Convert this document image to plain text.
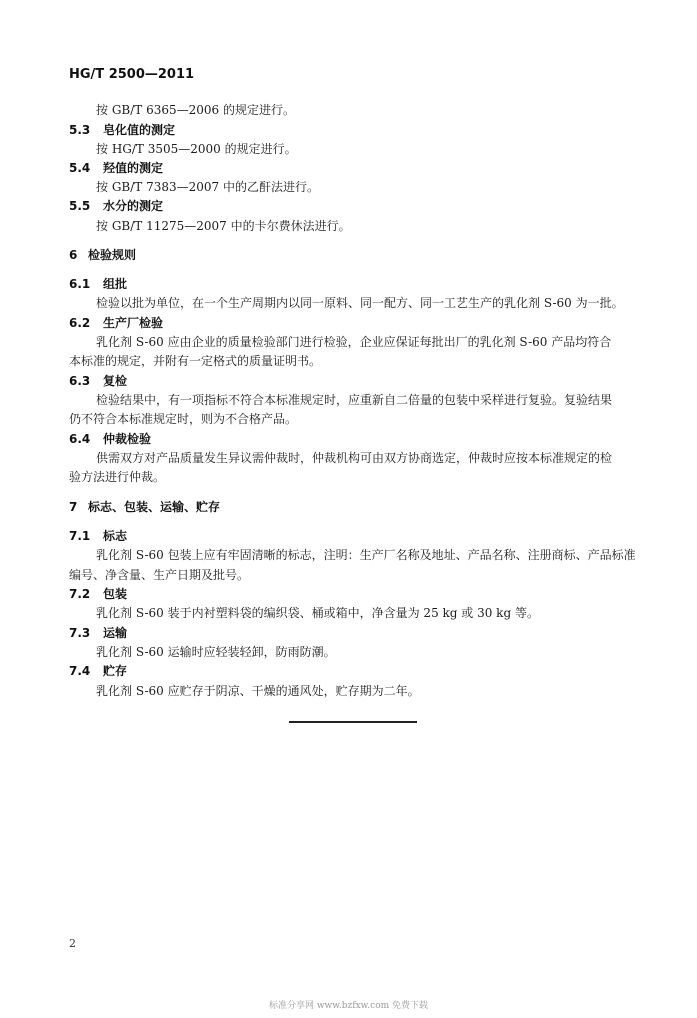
HG/T 2500—2011
按 GB/T 6365—2006 的规定进行。
5.3 皂化值的测定
按 HG/T 3505—2000 的规定进行。
5.4 羟值的测定
按 GB/T 7383—2007 中的乙酐法进行。
5.5 水分的测定
按 GB/T 11275—2007 中的卡尔费休法进行。
6 检验规则
6.1 组批
检验以批为单位，在一个生产周期内以同一原料、同一配方、同一工艺生产的乳化剂 S-60 为一批。
6.2 生产厂检验
乳化剂 S-60 应由企业的质量检验部门进行检验，企业应保证每批出厂的乳化剂 S-60 产品均符合
本标准的规定，并附有一定格式的质量证明书。
6.3 复检
检验结果中，有一项指标不符合本标准规定时，应重新自二倍量的包装中采样进行复验。复验结果
仍不符合本标准规定时，则为不合格产品。
6.4 仲裁检验
供需双方对产品质量发生异议需仲裁时，仲裁机构可由双方协商选定，仲裁时应按本标准规定的检
验方法进行仲裁。
7 标志、包装、运输、贮存
7.1 标志
乳化剂 S-60 包装上应有牢固清晰的标志，注明：生产厂名称及地址、产品名称、注册商标、产品标准
编号、净含量、生产日期及批号。
7.2 包装
乳化剂 S-60 装于内衬塑料袋的编织袋、桶或箱中，净含量为 25 kg 或 30 kg 等。
7.3 运输
乳化剂 S-60 运输时应轻装轻卸，防雨防潮。
7.4 贮存
乳化剂 S-60 应贮存于阴凉、干燥的通风处，贮存期为二年。
2
标准分享网 www.bzfxw.com 免费下载
